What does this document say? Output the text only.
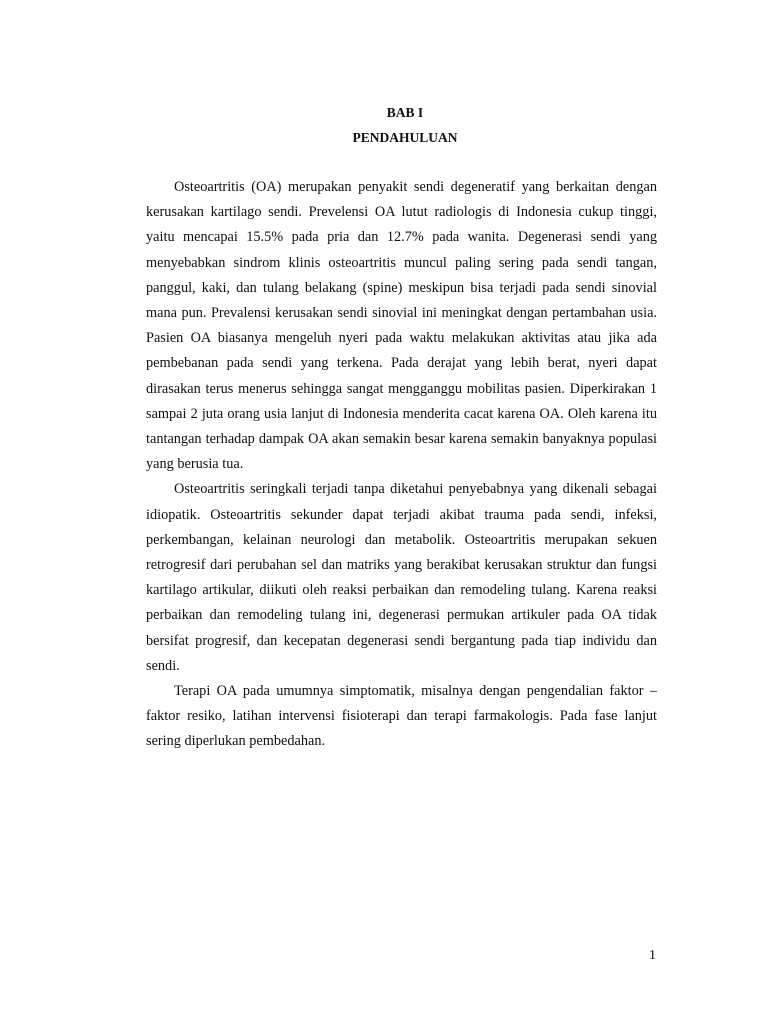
BAB I
PENDAHULUAN

Osteoartritis (OA) merupakan penyakit sendi degeneratif yang berkaitan dengan kerusakan kartilago sendi. Prevelensi OA lutut radiologis di Indonesia cukup tinggi, yaitu mencapai 15.5% pada pria dan 12.7% pada wanita. Degenerasi sendi yang menyebabkan sindrom klinis osteoartritis muncul paling sering pada sendi tangan, panggul, kaki, dan tulang belakang (spine) meskipun bisa terjadi pada sendi sinovial mana pun. Prevalensi kerusakan sendi sinovial ini meningkat dengan pertambahan usia. Pasien OA biasanya mengeluh nyeri pada waktu melakukan aktivitas atau jika ada pembebanan pada sendi yang terkena. Pada derajat yang lebih berat, nyeri dapat dirasakan terus menerus sehingga sangat mengganggu mobilitas pasien. Diperkirakan 1 sampai 2 juta orang usia lanjut di Indonesia menderita cacat karena OA. Oleh karena itu tantangan terhadap dampak OA akan semakin besar karena semakin banyaknya populasi yang berusia tua.

Osteoartritis seringkali terjadi tanpa diketahui penyebabnya yang dikenali sebagai idiopatik. Osteoartritis sekunder dapat terjadi akibat trauma pada sendi, infeksi, perkembangan, kelainan neurologi dan metabolik. Osteoartritis merupakan sekuen retrogresif dari perubahan sel dan matriks yang berakibat kerusakan struktur dan fungsi kartilago artikular, diikuti oleh reaksi perbaikan dan remodeling tulang. Karena reaksi perbaikan dan remodeling tulang ini, degenerasi permukan artikuler pada OA tidak bersifat progresif, dan kecepatan degenerasi sendi bergantung pada tiap individu dan sendi.

Terapi OA pada umumnya simptomatik, misalnya dengan pengendalian faktor – faktor resiko, latihan intervensi fisioterapi dan terapi farmakologis. Pada fase lanjut sering diperlukan pembedahan.

1
